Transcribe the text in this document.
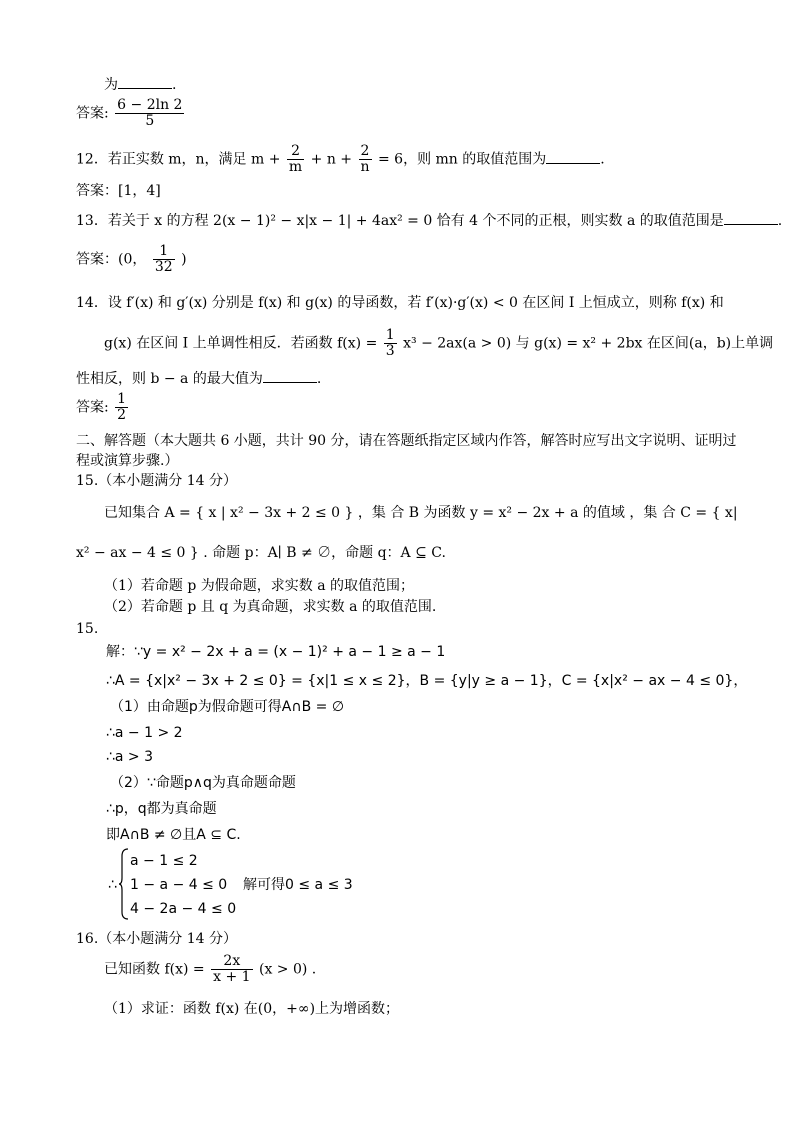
为	.
答案: $\frac{6 - 2\ln 2}{5}$
12．若正实数 m，n，满足 $m + \frac{2}{m} + n + \frac{2}{n} = 6$，则 mn 的取值范围为	.
答案：[1，4]
13．若关于 x 的方程 2(x − 1)² − x|x − 1| + 4ax² = 0 恰有 4 个不同的正根，则实数 a 的取值范围是	.
答案：(0， $\frac{1}{32}$ )
14．设 f′(x) 和 g′(x) 分别是 f(x) 和 g(x) 的导函数，若 f′(x)·g′(x) < 0 在区间 I 上恒成立，则称 f(x) 和
g(x) 在区间 I 上单调性相反．若函数 $f(x) = \frac{1}{3} x^3 - 2ax(a > 0)$ 与 g(x) = x² + 2bx 在区间(a，b)上单调
性相反，则 b − a 的最大值为	.
答案: $\frac{1}{2}$
二、解答题（本大题共 6 小题，共计 90 分，请在答题纸指定区域内作答，解答时应写出文字说明、证明过
程或演算步骤.）
15.（本小题满分 14 分）
已知集合 A = { x | x² − 3x + 2 ≤ 0 } ，集 合 B 为函数 y = x² − 2x + a 的值域 ，集 合 C = { x|
x² − ax − 4 ≤ 0 } . 命题 p：A∣ B ≠ ∅，命题 q：A ⊆ C.
（1）若命题 p 为假命题，求实数 a 的取值范围；
（2）若命题 p 且 q 为真命题，求实数 a 的取值范围.
15.
解：∵y = x² − 2x + a = (x − 1)² + a − 1 ≥ a − 1
∴A = {x|x² − 3x + 2 ≤ 0} = {x|1 ≤ x ≤ 2}，B = {y|y ≥ a − 1}，C = {x|x² − ax − 4 ≤ 0}，
（1）由命题p为假命题可得A∩B = ∅
∴a − 1 > 2
∴a > 3
（2）∵命题p∧q为真命题命题
∴p，q都为真命题
即A∩B ≠ ∅且A ⊆ C.
∴
a − 1 ≤ 2
1 − a − 4 ≤ 0
4 − 2a − 4 ≤ 0
解可得0 ≤ a ≤ 3
16.（本小题满分 14 分）
已知函数 $f(x) = \frac{2x}{x + 1} (x > 0)$ .
（1）求证：函数 f(x) 在(0，+∞)上为增函数；
